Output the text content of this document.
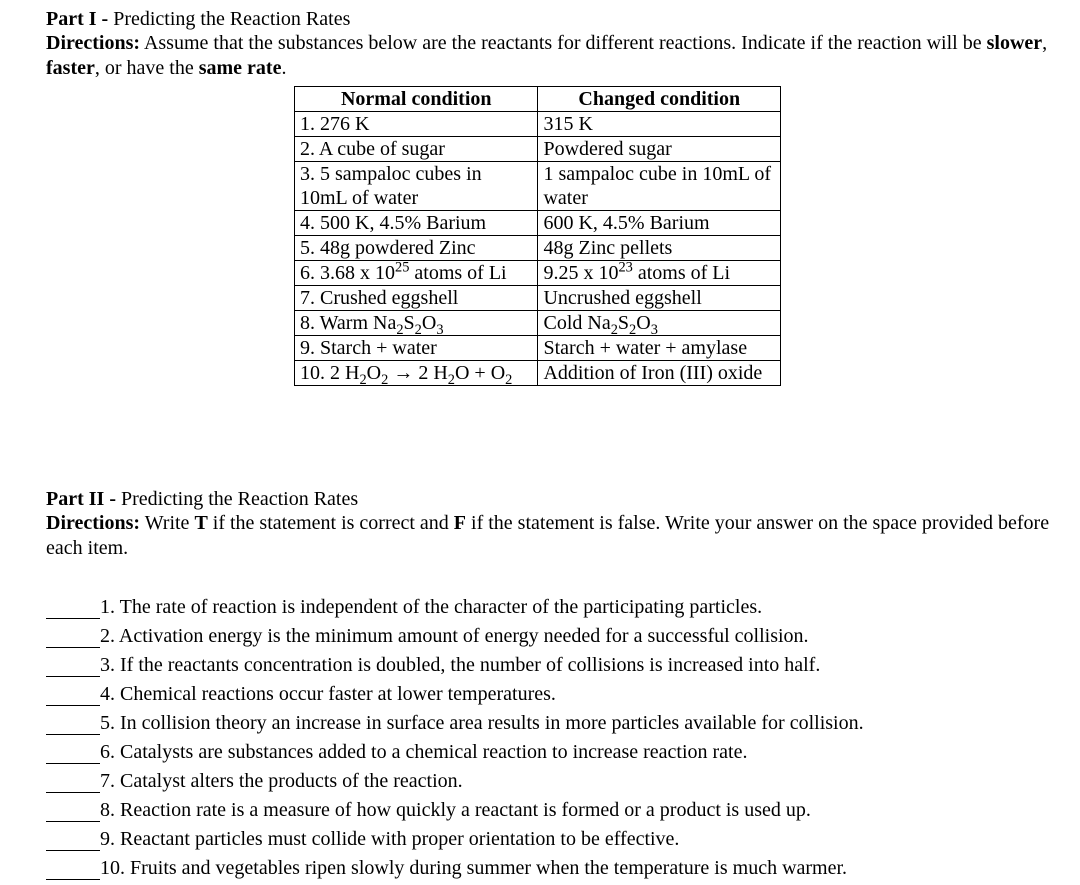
Part I - Predicting the Reaction Rates

Directions: Assume that the substances below are the reactants for different reactions. Indicate if the reaction will be slower, faster, or have the same rate.

Normal condition	Changed condition
1. 276 K	315 K
2. A cube of sugar	Powdered sugar
3. 5 sampaloc cubes in 10mL of water	1 sampaloc cube in 10mL of water
4. 500 K, 4.5% Barium	600 K, 4.5% Barium
5. 48g powdered Zinc	48g Zinc pellets
6. 3.68 x $10^{25}$ atoms of Li	9.25 x $10^{23}$ atoms of Li
7. Crushed eggshell	Uncrushed eggshell
8. Warm $Na_2S_2O_3$	Cold $Na_2S_2O_3$
9. Starch + water	Starch + water + amylase
10. 2 $H_2O_2 \to 2$ $H_2O + O_2$	Addition of Iron (III) oxide

Part II - Predicting the Reaction Rates

Directions: Write T if the statement is correct and F if the statement is false. Write your answer on the space provided before each item.

1. The rate of reaction is independent of the character of the participating particles.
2. Activation energy is the minimum amount of energy needed for a successful collision.
3. If the reactants concentration is doubled, the number of collisions is increased into half.
4. Chemical reactions occur faster at lower temperatures.
5. In collision theory an increase in surface area results in more particles available for collision.
6. Catalysts are substances added to a chemical reaction to increase reaction rate.
7. Catalyst alters the products of the reaction.
8. Reaction rate is a measure of how quickly a reactant is formed or a product is used up.
9. Reactant particles must collide with proper orientation to be effective.
10. Fruits and vegetables ripen slowly during summer when the temperature is much warmer.
